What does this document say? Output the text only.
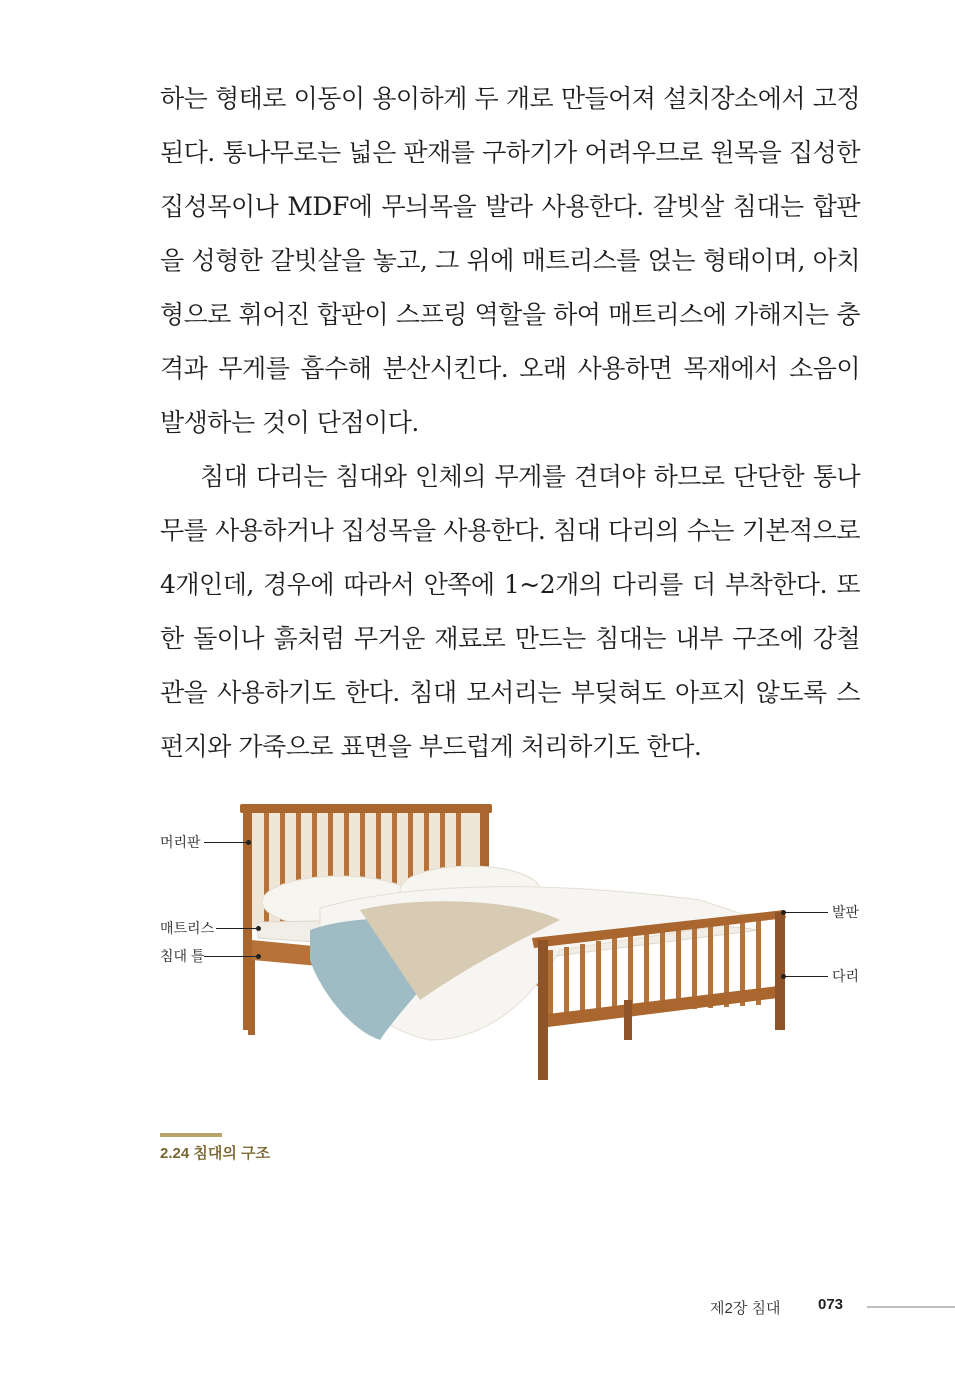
하는 형태로 이동이 용이하게 두 개로 만들어져 설치장소에서 고정된다. 통나무로는 넓은 판재를 구하기가 어려우므로 원목을 집성한 집성목이나 MDF에 무늬목을 발라 사용한다. 갈빗살 침대는 합판을 성형한 갈빗살을 놓고, 그 위에 매트리스를 얹는 형태이며, 아치형으로 휘어진 합판이 스프링 역할을 하여 매트리스에 가해지는 충격과 무게를 흡수해 분산시킨다. 오래 사용하면 목재에서 소음이 발생하는 것이 단점이다.

침대 다리는 침대와 인체의 무게를 견뎌야 하므로 단단한 통나무를 사용하거나 집성목을 사용한다. 침대 다리의 수는 기본적으로 4개인데, 경우에 따라서 안쪽에 1~2개의 다리를 더 부착한다. 또한 돌이나 흙처럼 무거운 재료로 만드는 침대는 내부 구조에 강철관을 사용하기도 한다. 침대 모서리는 부딪혀도 아프지 않도록 스펀지와 가죽으로 표면을 부드럽게 처리하기도 한다.

머리판
매트리스
침대 틀
발판
다리
2.24 침대의 구조
제2장 침대	073
